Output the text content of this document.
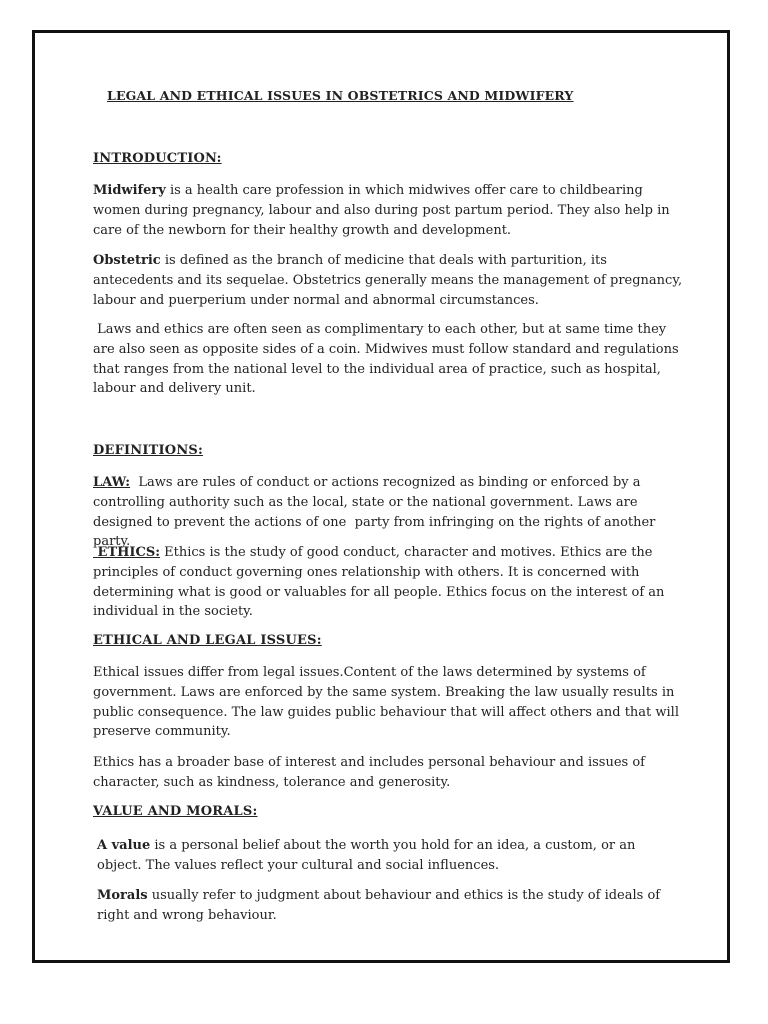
LEGAL AND ETHICAL ISSUES IN OBSTETRICS AND MIDWIFERY
INTRODUCTION:

Midwifery is a health care profession in which midwives offer care to childbearing women during pregnancy, labour and also during post partum period. They also help in care of the newborn for their healthy growth and development.

Obstetric is defined as the branch of medicine that deals with parturition, its antecedents and its sequelae. Obstetrics generally means the management of pregnancy, labour and puerperium under normal and abnormal circumstances.

Laws and ethics are often seen as complimentary to each other, but at same time they are also seen as opposite sides of a coin. Midwives must follow standard and regulations that ranges from the national level to the individual area of practice, such as hospital, labour and delivery unit.

DEFINITIONS:

LAW:  Laws are rules of conduct or actions recognized as binding or enforced by a controlling authority such as the local, state or the national government. Laws are designed to prevent the actions of one  party from infringing on the rights of another party.

ETHICS: Ethics is the study of good conduct, character and motives. Ethics are the principles of conduct governing ones relationship with others. It is concerned with determining what is good or valuables for all people. Ethics focus on the interest of an individual in the society.

ETHICAL AND LEGAL ISSUES:

Ethical issues differ from legal issues.Content of the laws determined by systems of government. Laws are enforced by the same system. Breaking the law usually results in public consequence. The law guides public behaviour that will affect others and that will preserve community.

Ethics has a broader base of interest and includes personal behaviour and issues of character, such as kindness, tolerance and generosity.

VALUE AND MORALS:

A value is a personal belief about the worth you hold for an idea, a custom, or an object. The values reflect your cultural and social influences.

Morals usually refer to judgment about behaviour and ethics is the study of ideals of right and wrong behaviour.
